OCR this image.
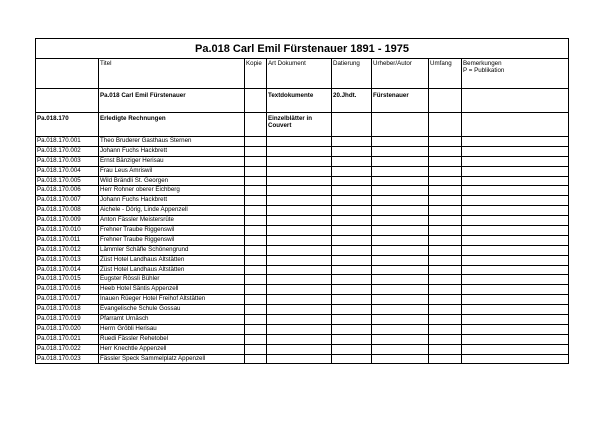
Pa.018 Carl Emil Fürstenauer 1891 - 1975							
	Titel	Kopie	Art Dokument	Datierung	Urheber/Autor	Umfang	Bemerkungen
P = Publikation

	Pa.018 Carl Emil Fürstenauer		Textdokumente	20.Jhdt.	Fürstenauer		
Pa.018.170	Erledigte Rechnungen		Einzelblätter in
Couvert				

Pa.018.170.001	Theo Bruderer Gasthaus Sternen						
Pa.018.170.002	Johann Fuchs Hackbrett						
Pa.018.170.003	Ernst Bänziger Herisau						
Pa.018.170.004	Frau Leus Amriswil						
Pa.018.170.005	Wild Brändli St. Georgen						
Pa.018.170.006	Herr Rohner oberer Eichberg						
Pa.018.170.007	Johann Fuchs Hackbrett						
Pa.018.170.008	Aichele - Dörig, Linde Appenzell						
Pa.018.170.009	Anton Fässler Meistersrüte						
Pa.018.170.010	Frehner Traube Riggenswil						
Pa.018.170.011	Frehner Traube Riggenswil						
Pa.018.170.012	Lämmler Schäfle Schönengrund						
Pa.018.170.013	Züst Hotel Landhaus Altstätten						
Pa.018.170.014	Züst Hotel Landhaus Altstätten						
Pa.018.170.015	Eugster Rössli Bühler						
Pa.018.170.016	Heeb Hotel Säntis Appenzell						
Pa.018.170.017	Inauen Rüeger Hotel Freihof Altstätten						
Pa.018.170.018	Evangelische Schule Gossau						
Pa.018.170.019	Pfarramt Urnäsch						
Pa.018.170.020	Herrn Gröbli Herisau						
Pa.018.170.021	Ruedi Fässler Rehetobel						
Pa.018.170.022	Herr Knechtle Appenzell						
Pa.018.170.023	Fässler Speck Sammelplatz Appenzell						
